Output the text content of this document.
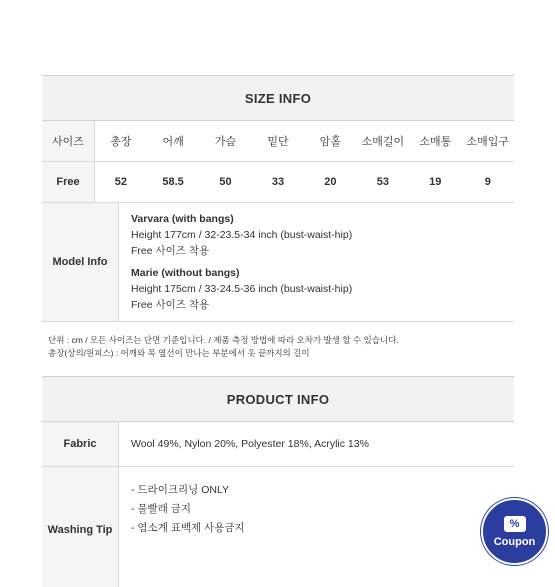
SIZE INFO
사이즈	총장	어깨	가슴	밑단	암홀	소매길이	소매통	소매입구
Free	52	58.5	50	33	20	53	19	9
Model Info
Varvara (with bangs)
Height 177cm / 32-23.5-34 inch (bust-waist-hip)
Free 사이즈 착용
Marie (without bangs)
Height 175cm / 33-24.5-36 inch (bust-waist-hip)
Free 사이즈 착용
단위 : cm / 모든 사이즈는 단면 기준입니다. / 제품 측정 방법에 따라 오차가 발생 할 수 있습니다.
총장(상의/원피스) : 어깨와 목 옆선이 만나는 부분에서 옷 끝까지의 길이
PRODUCT INFO
Fabric	Wool 49%, Nylon 20%, Polyester 18%, Acrylic 13%
Washing Tip
- 드라이크리닝 ONLY
- 물빨래 금지
- 염소계 표백제 사용금지	%
Coupon
